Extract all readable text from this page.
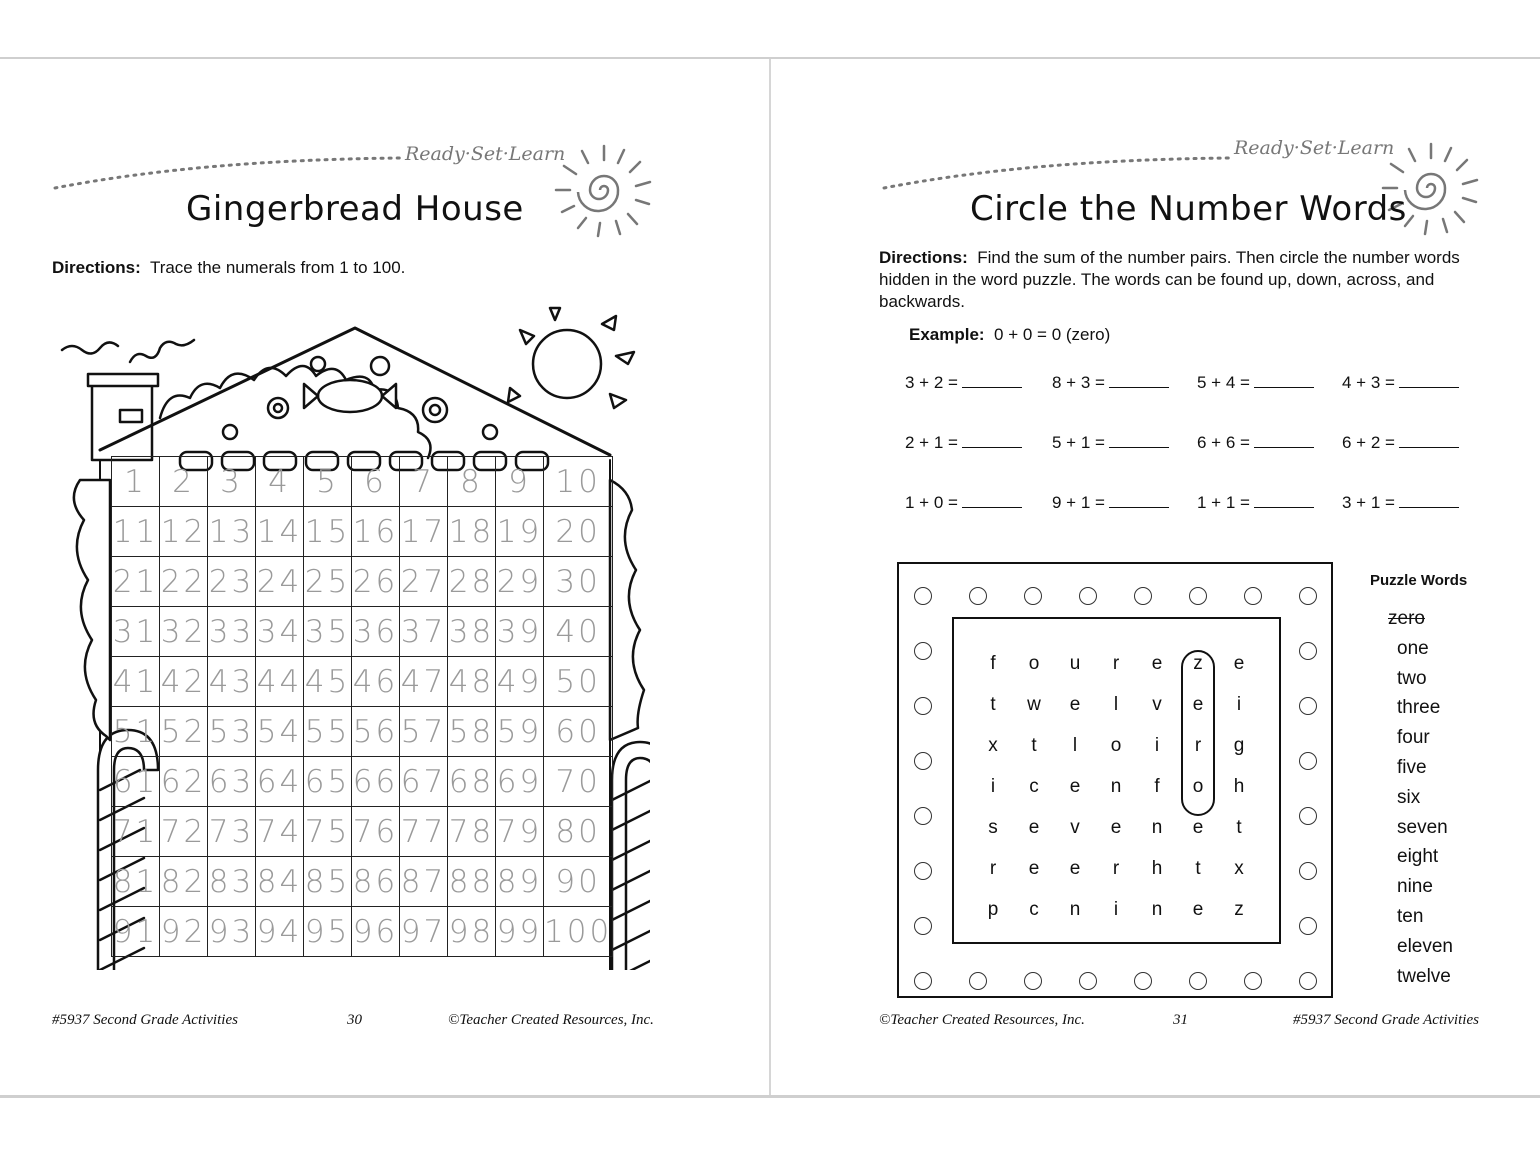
Ready·Set·Learn
Gingerbread House
Directions: Trace the numerals from 1 to 100.
1	2	3	4	5	6	7	8	9	10
11	12	13	14	15	16	17	18	19	20
21	22	23	24	25	26	27	28	29	30
31	32	33	34	35	36	37	38	39	40
41	42	43	44	45	46	47	48	49	50
51	52	53	54	55	56	57	58	59	60
61	62	63	64	65	66	67	68	69	70
71	72	73	74	75	76	77	78	79	80
81	82	83	84	85	86	87	88	89	90
91	92	93	94	95	96	97	98	99	100
#5937 Second Grade Activities	30	©Teacher Created Resources, Inc.
Ready·Set·Learn
Circle the Number Words
Directions: Find the sum of the number pairs. Then circle the number words hidden in the word puzzle. The words can be found up, down, across, and backwards.
Example: 0 + 0 = 0 (zero)
3 + 2 =	8 + 3 =	5 + 4 =	4 + 3 =
2 + 1 =	5 + 1 =	6 + 6 =	6 + 2 =
1 + 0 =	9 + 1 =	1 + 1 =	3 + 1 =
f	o	u	r	e	z	e
t	w	e	l	v	e	i
x	t	l	o	i	r	g
i	c	e	n	f	o	h
s	e	v	e	n	e	t
r	e	e	r	h	t	x
p	c	n	i	n	e	z
Puzzle Words
zero
one
two
three
four
five
six
seven
eight
nine
ten
eleven
twelve
©Teacher Created Resources, Inc.	31	#5937 Second Grade Activities
